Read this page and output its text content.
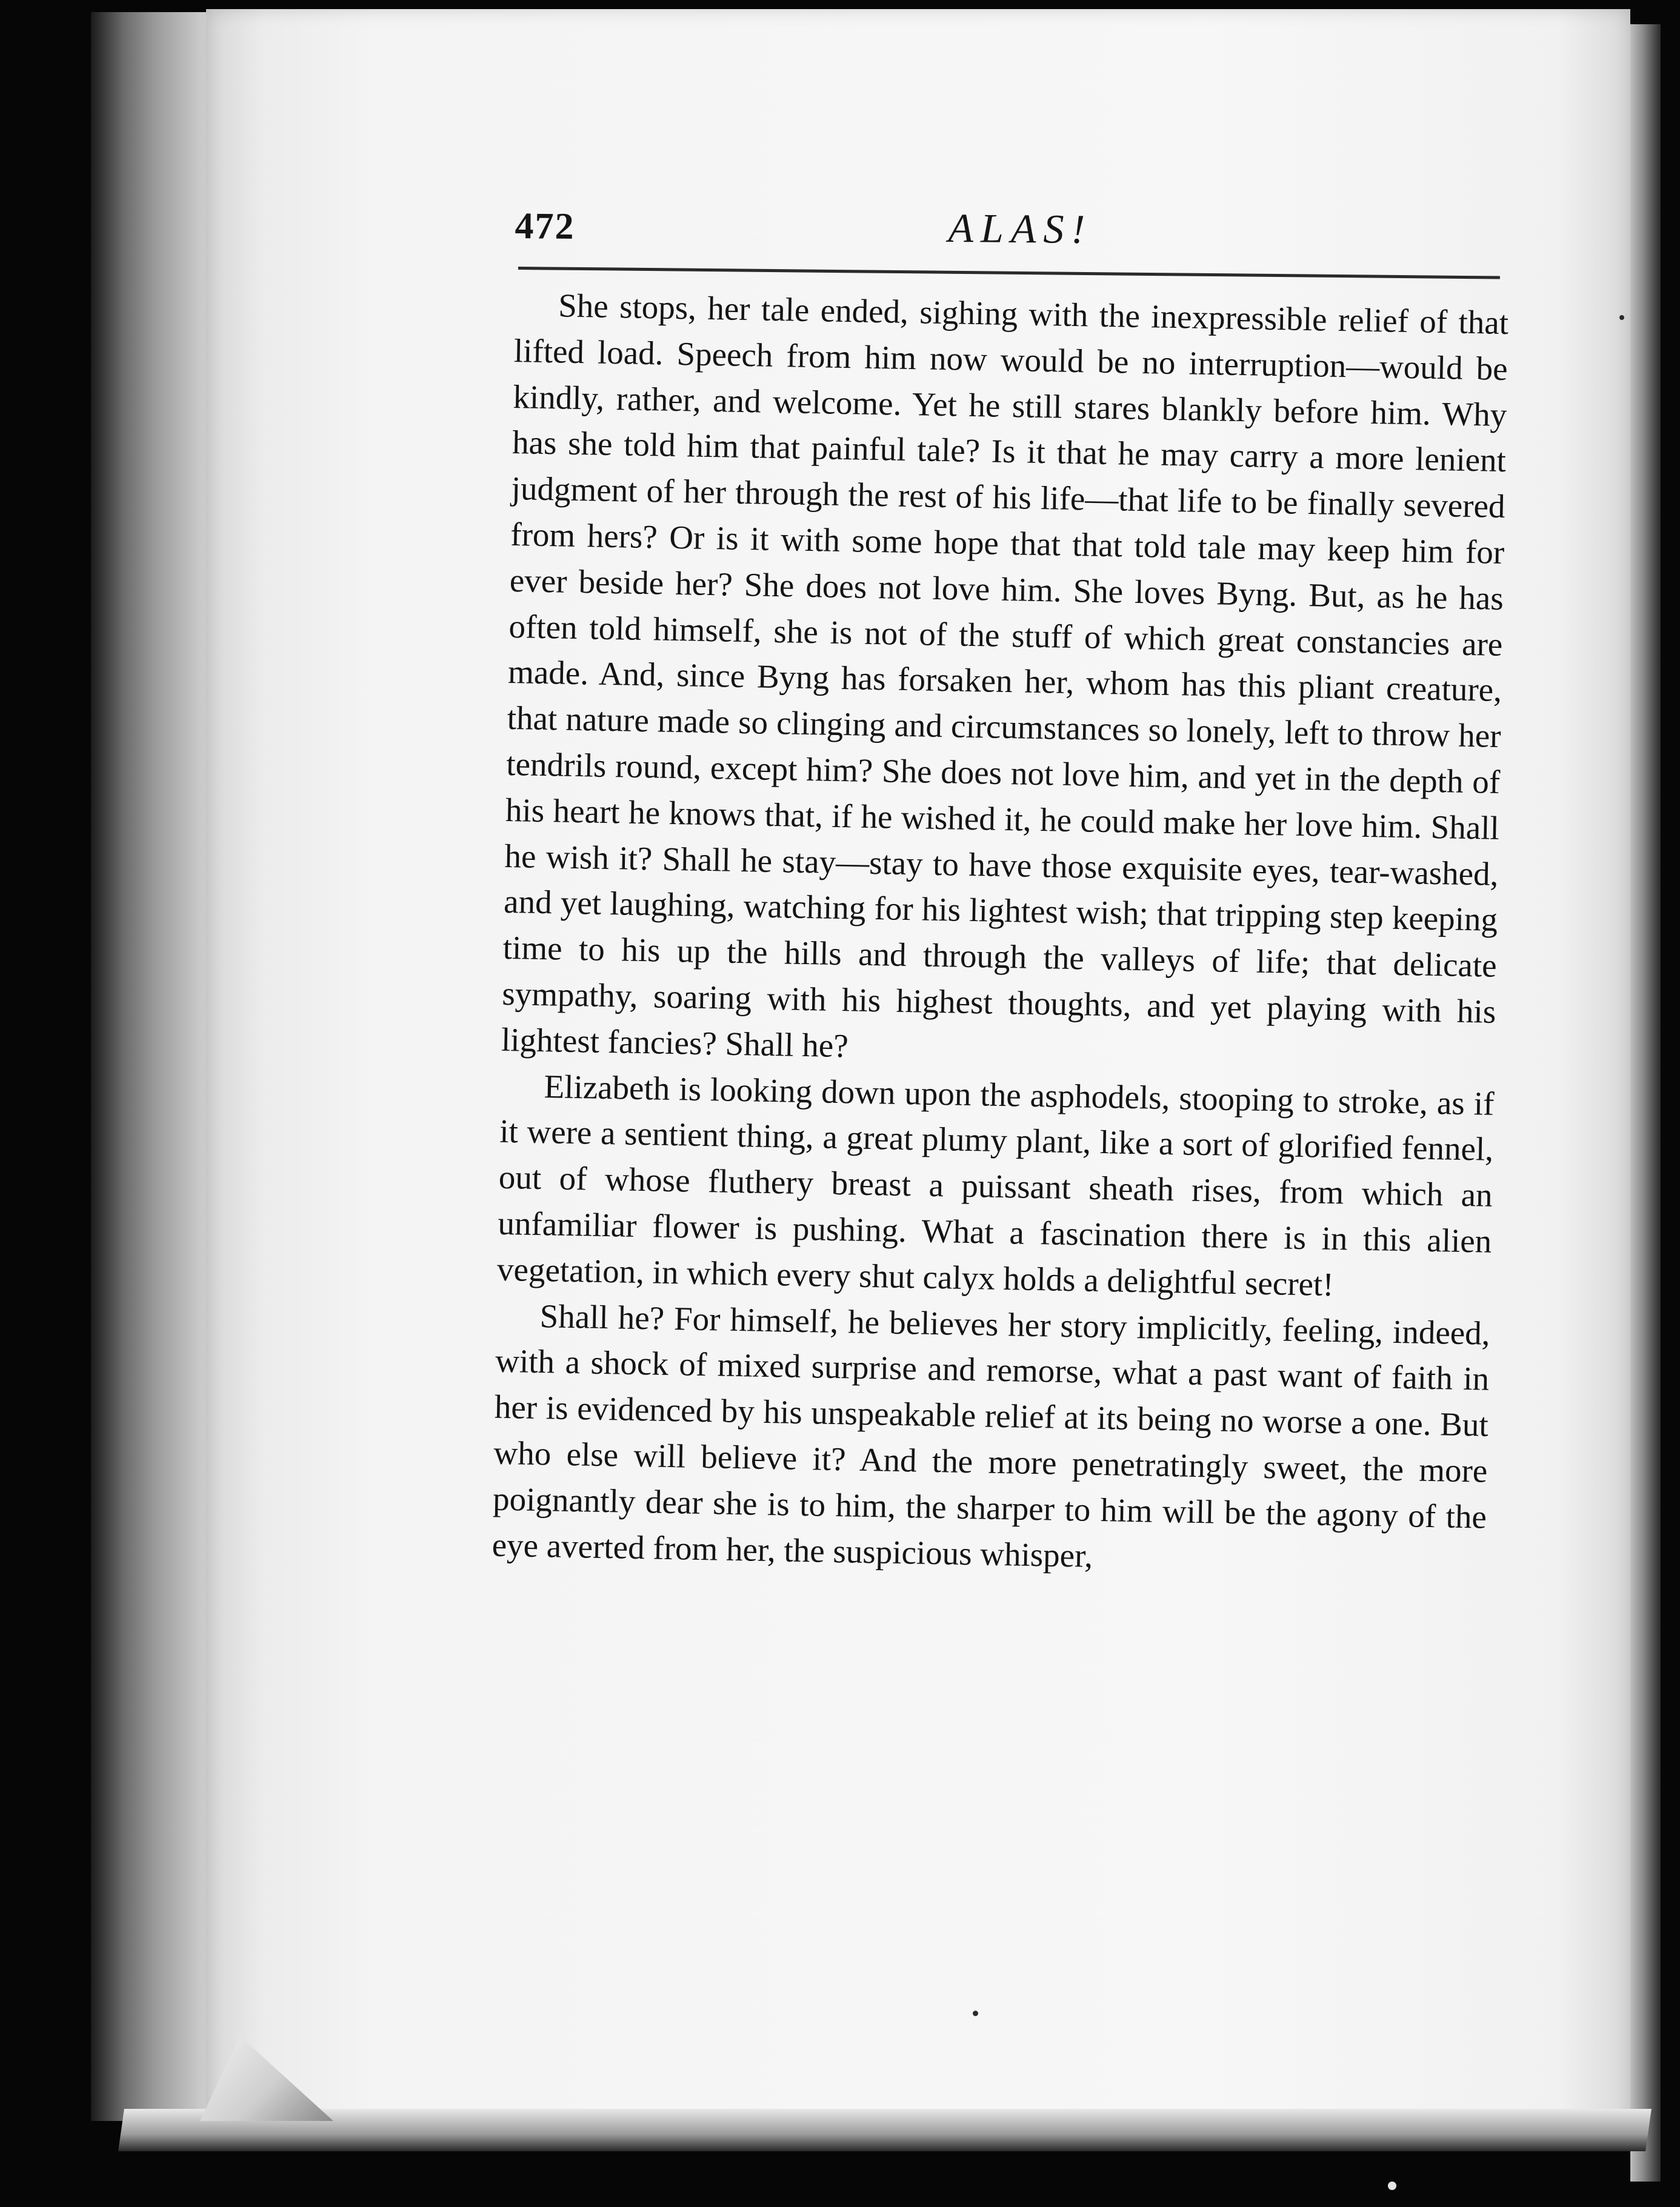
472	ALAS!

She stops, her tale ended, sighing with the inexpressible relief of that lifted load. Speech from him now would be no interruption—would be kindly, rather, and welcome. Yet he still stares blankly before him. Why has she told him that painful tale? Is it that he may carry a more lenient judgment of her through the rest of his life—that life to be finally severed from hers? Or is it with some hope that that told tale may keep him for ever beside her? She does not love him. She loves Byng. But, as he has often told himself, she is not of the stuff of which great constancies are made. And, since Byng has forsaken her, whom has this pliant creature, that nature made so clinging and circumstances so lonely, left to throw her tendrils round, except him? She does not love him, and yet in the depth of his heart he knows that, if he wished it, he could make her love him. Shall he wish it? Shall he stay—stay to have those exquisite eyes, tear-washed, and yet laughing, watching for his lightest wish; that tripping step keeping time to his up the hills and through the valleys of life; that delicate sympathy, soaring with his highest thoughts, and yet playing with his lightest fancies? Shall he?

Elizabeth is looking down upon the asphodels, stooping to stroke, as if it were a sentient thing, a great plumy plant, like a sort of glorified fennel, out of whose fluthery breast a puissant sheath rises, from which an unfamiliar flower is pushing. What a fascination there is in this alien vegetation, in which every shut calyx holds a delightful secret!

Shall he? For himself, he believes her story implicitly, feeling, indeed, with a shock of mixed surprise and remorse, what a past want of faith in her is evidenced by his unspeakable relief at its being no worse a one. But who else will believe it? And the more penetratingly sweet, the more poignantly dear she is to him, the sharper to him will be the agony of the eye averted from her, the suspicious whisper,
